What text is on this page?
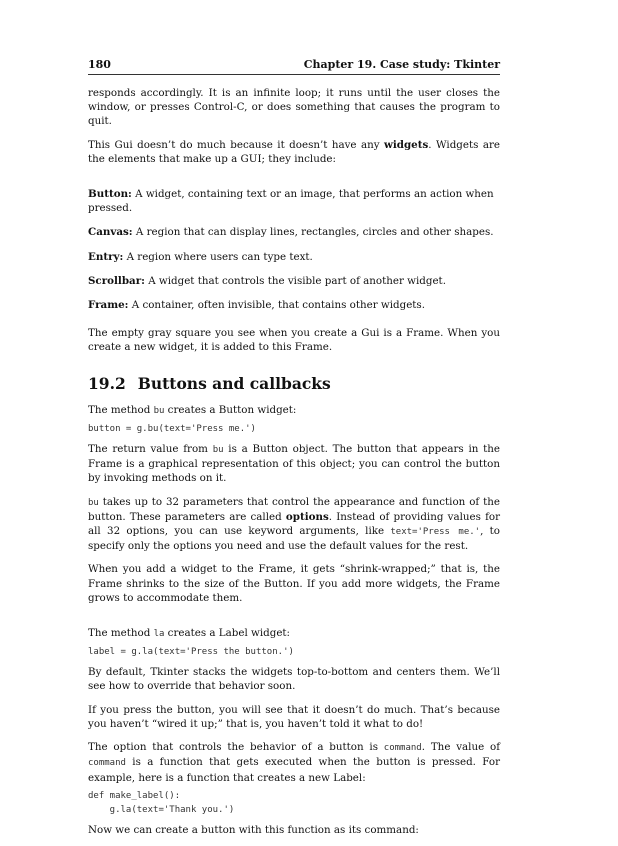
180	Chapter 19. Case study: Tkinter

responds accordingly. It is an infinite loop; it runs until the user closes the window, or presses Control-C, or does something that causes the program to quit.

This Gui doesn’t do much because it doesn’t have any widgets. Widgets are the elements that make up a GUI; they include:

Button: A widget, containing text or an image, that performs an action when pressed.
Canvas: A region that can display lines, rectangles, circles and other shapes.
Entry: A region where users can type text.
Scrollbar: A widget that controls the visible part of another widget.
Frame: A container, often invisible, that contains other widgets.

The empty gray square you see when you create a Gui is a Frame. When you create a new widget, it is added to this Frame.

19.2 Buttons and callbacks

The method bu creates a Button widget:

button = g.bu(text='Press me.')

The return value from bu is a Button object. The button that appears in the Frame is a graphical representation of this object; you can control the button by invoking methods on it.

bu takes up to 32 parameters that control the appearance and function of the button. These parameters are called options. Instead of providing values for all 32 options, you can use keyword arguments, like text='Press me.', to specify only the options you need and use the default values for the rest.

When you add a widget to the Frame, it gets “shrink-wrapped;” that is, the Frame shrinks to the size of the Button. If you add more widgets, the Frame grows to accommodate them.

The method la creates a Label widget:

label = g.la(text='Press the button.')

By default, Tkinter stacks the widgets top-to-bottom and centers them. We’ll see how to override that behavior soon.

If you press the button, you will see that it doesn’t do much. That’s because you haven’t “wired it up;” that is, you haven’t told it what to do!

The option that controls the behavior of a button is command. The value of command is a function that gets executed when the button is pressed. For example, here is a function that creates a new Label:

def make_label():
g.la(text='Thank you.')

Now we can create a button with this function as its command:
